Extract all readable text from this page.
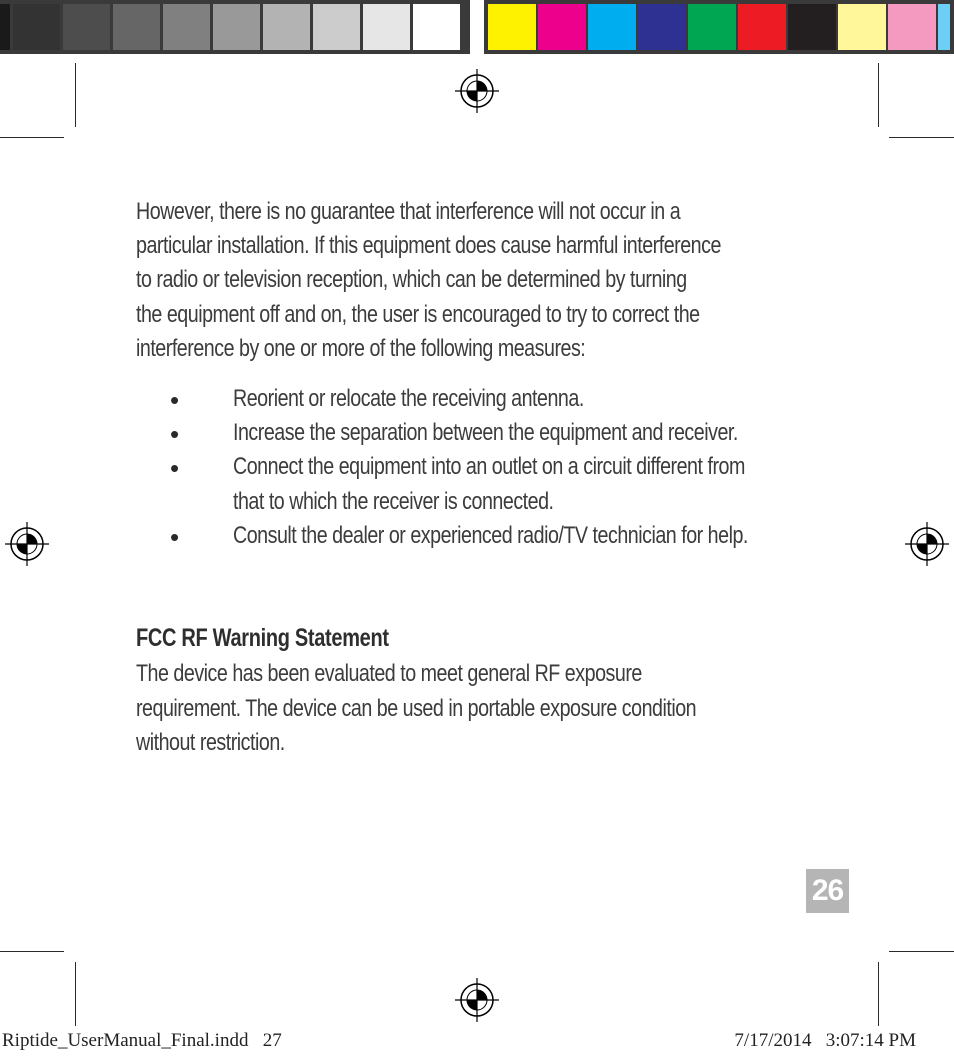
However, there is no guarantee that interference will not occur in a
particular installation. If this equipment does cause harmful interference
to radio or television reception, which can be determined by turning
the equipment off and on, the user is encouraged to try to correct the
interference by one or more of the following measures:
• Reorient or relocate the receiving antenna.
• Increase the separation between the equipment and receiver.
• Connect the equipment into an outlet on a circuit different from
that to which the receiver is connected.
• Consult the dealer or experienced radio/TV technician for help.
FCC RF Warning Statement
The device has been evaluated to meet general RF exposure
requirement. The device can be used in portable exposure condition
without restriction.
26
Riptide_UserManual_Final.indd   27	7/17/2014   3:07:14 PM
